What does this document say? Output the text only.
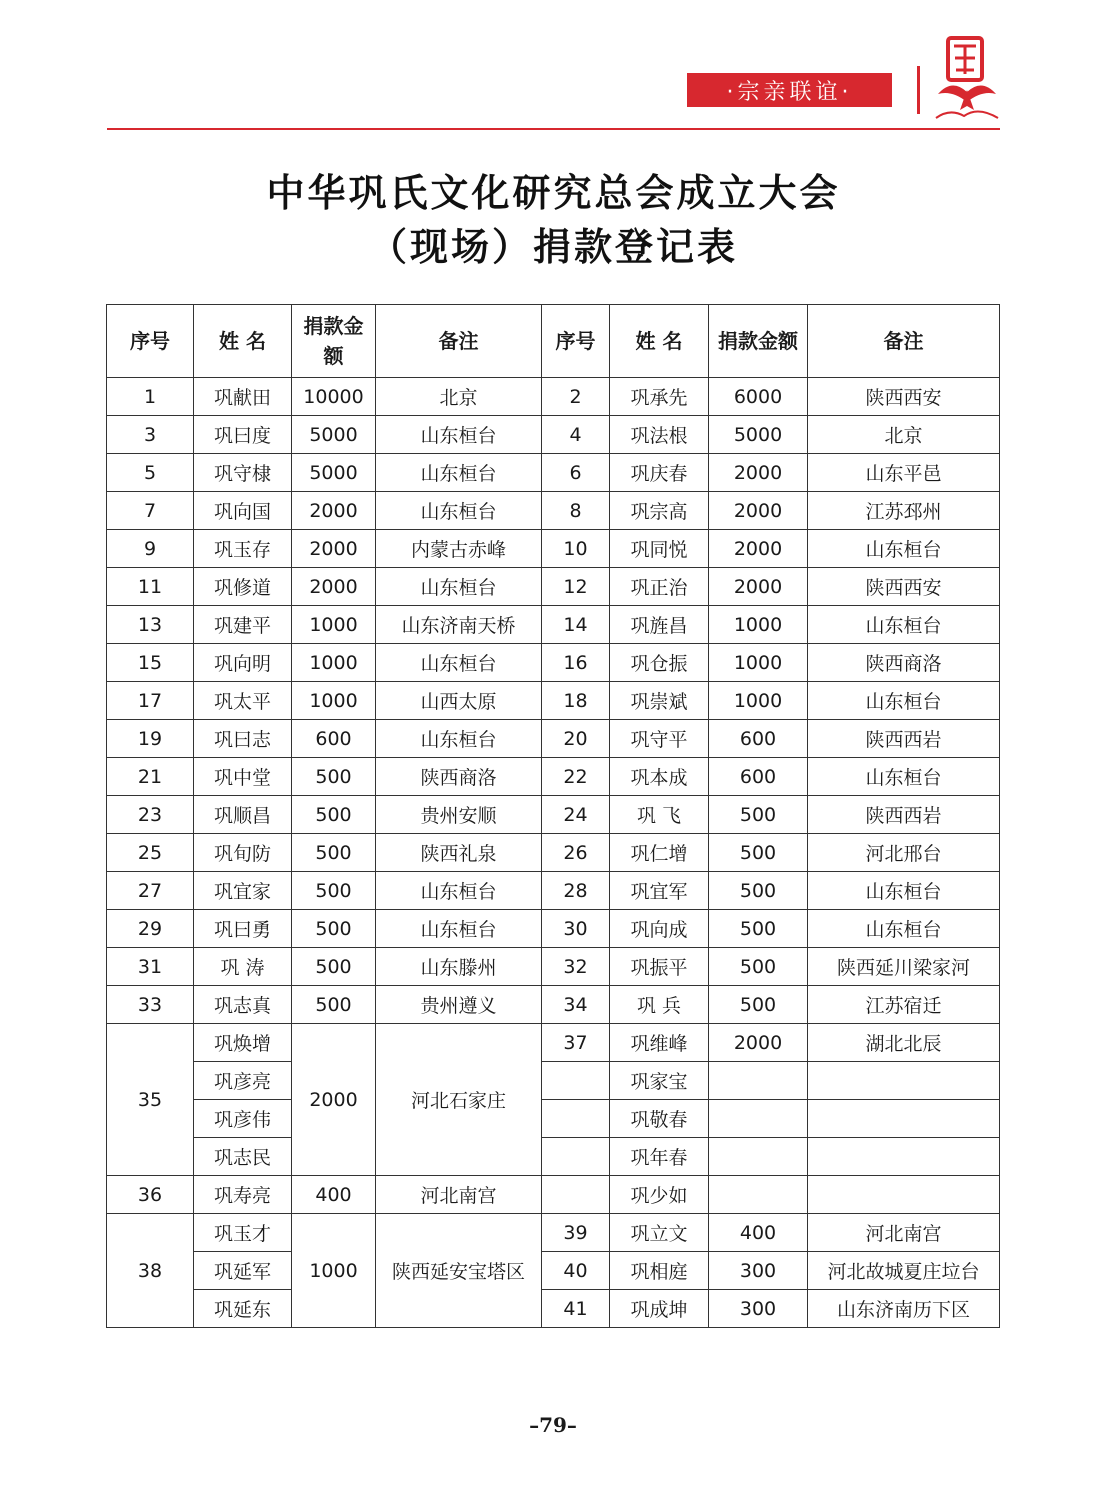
·宗亲联谊·
中华巩氏文化研究总会成立大会
（现场）捐款登记表
序号	姓 名	捐款金额	备注	序号	姓 名	捐款金额	备注
1	巩献田	10000	北京	2	巩承先	6000	陕西西安
3	巩曰度	5000	山东桓台	4	巩法根	5000	北京
5	巩守棣	5000	山东桓台	6	巩庆春	2000	山东平邑
7	巩向国	2000	山东桓台	8	巩宗高	2000	江苏邳州
9	巩玉存	2000	内蒙古赤峰	10	巩同悦	2000	山东桓台
11	巩修道	2000	山东桓台	12	巩正治	2000	陕西西安
13	巩建平	1000	山东济南天桥	14	巩旌昌	1000	山东桓台
15	巩向明	1000	山东桓台	16	巩仓振	1000	陕西商洛
17	巩太平	1000	山西太原	18	巩崇斌	1000	山东桓台
19	巩曰志	600	山东桓台	20	巩守平	600	陕西西岩
21	巩中堂	500	陕西商洛	22	巩本成	600	山东桓台
23	巩顺昌	500	贵州安顺	24	巩 飞	500	陕西西岩
25	巩旬防	500	陕西礼泉	26	巩仁增	500	河北邢台
27	巩宜家	500	山东桓台	28	巩宜军	500	山东桓台
29	巩曰勇	500	山东桓台	30	巩向成	500	山东桓台
31	巩 涛	500	山东滕州	32	巩振平	500	陕西延川梁家河
33	巩志真	500	贵州遵义	34	巩 兵	500	江苏宿迁
35	巩焕增	2000	河北石家庄	37	巩维峰	2000	湖北北辰
	巩彦亮				巩家宝		
	巩彦伟				巩敬春		
	巩志民				巩年春		
36	巩寿亮	400	河北南宫		巩少如		
38	巩玉才	1000	陕西延安宝塔区	39	巩立文	400	河北南宫
	巩延军			40	巩相庭	300	河北故城夏庄垃台
	巩延东			41	巩成坤	300	山东济南历下区
–79–
